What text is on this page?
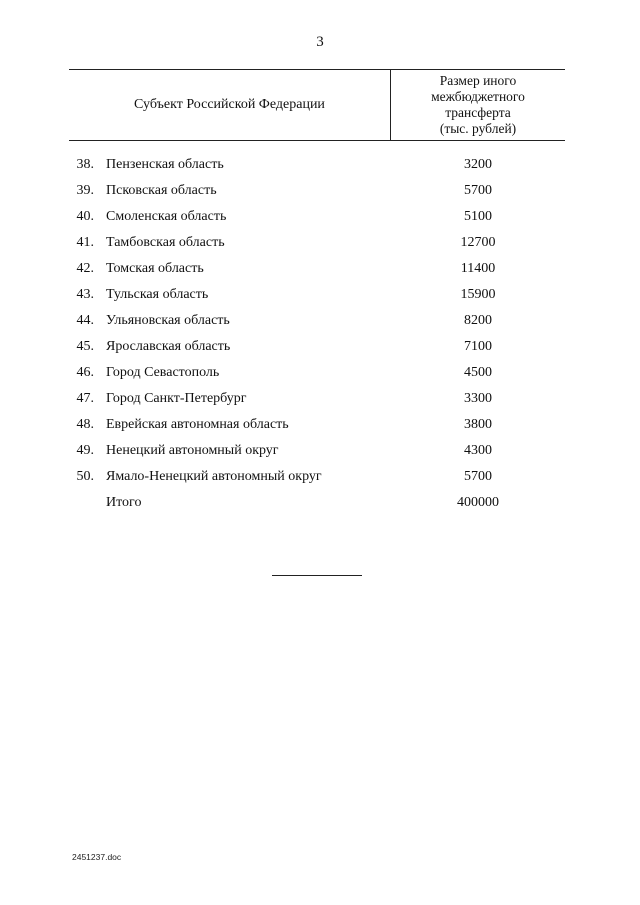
3
Субъект Российской Федерации
Размер иного
межбюджетного
трансферта
(тыс. рублей)
38. Пензенская область	3200
39. Псковская область	5700
40. Смоленская область	5100
41. Тамбовская область	12700
42. Томская область	11400
43. Тульская область	15900
44. Ульяновская область	8200
45. Ярославская область	7100
46. Город Севастополь	4500
47. Город Санкт-Петербург	3300
48. Еврейская автономная область	3800
49. Ненецкий автономный округ	4300
50. Ямало-Ненецкий автономный округ	5700
Итого	400000
2451237.doc
